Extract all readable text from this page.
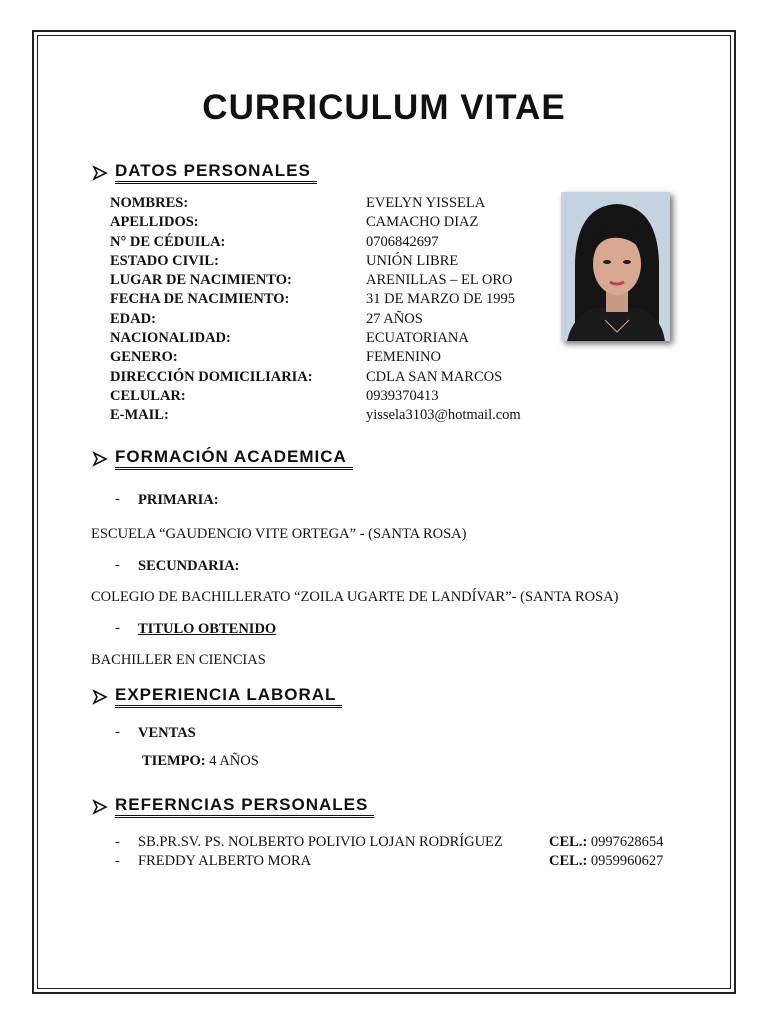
CURRICULUM VITAE
DATOS PERSONALES
NOMBRES:	EVELYN YISSELA
APELLIDOS:	CAMACHO DIAZ
N° DE CÉDUILA:	0706842697
ESTADO CIVIL:	UNIÓN LIBRE
LUGAR DE NACIMIENTO:	ARENILLAS – EL ORO
FECHA DE NACIMIENTO:	31 DE MARZO DE 1995
EDAD:	27 AÑOS
NACIONALIDAD:	ECUATORIANA
GENERO:	FEMENINO
DIRECCIÓN DOMICILIARIA:	CDLA SAN MARCOS
CELULAR:	0939370413
E-MAIL:	yissela3103@hotmail.com
FORMACIÓN ACADEMICA
- PRIMARIA:
ESCUELA “GAUDENCIO VITE ORTEGA” - (SANTA ROSA)
- SECUNDARIA:
COLEGIO DE BACHILLERATO “ZOILA UGARTE DE LANDÍVAR”- (SANTA ROSA)
- TITULO OBTENIDO
BACHILLER EN CIENCIAS
EXPERIENCIA LABORAL
- VENTAS
TIEMPO: 4 AÑOS
REFERNCIAS PERSONALES
- SB.PR.SV. PS. NOLBERTO POLIVIO LOJAN RODRÍGUEZ	CEL.: 0997628654
- FREDDY ALBERTO MORA	CEL.: 0959960627
